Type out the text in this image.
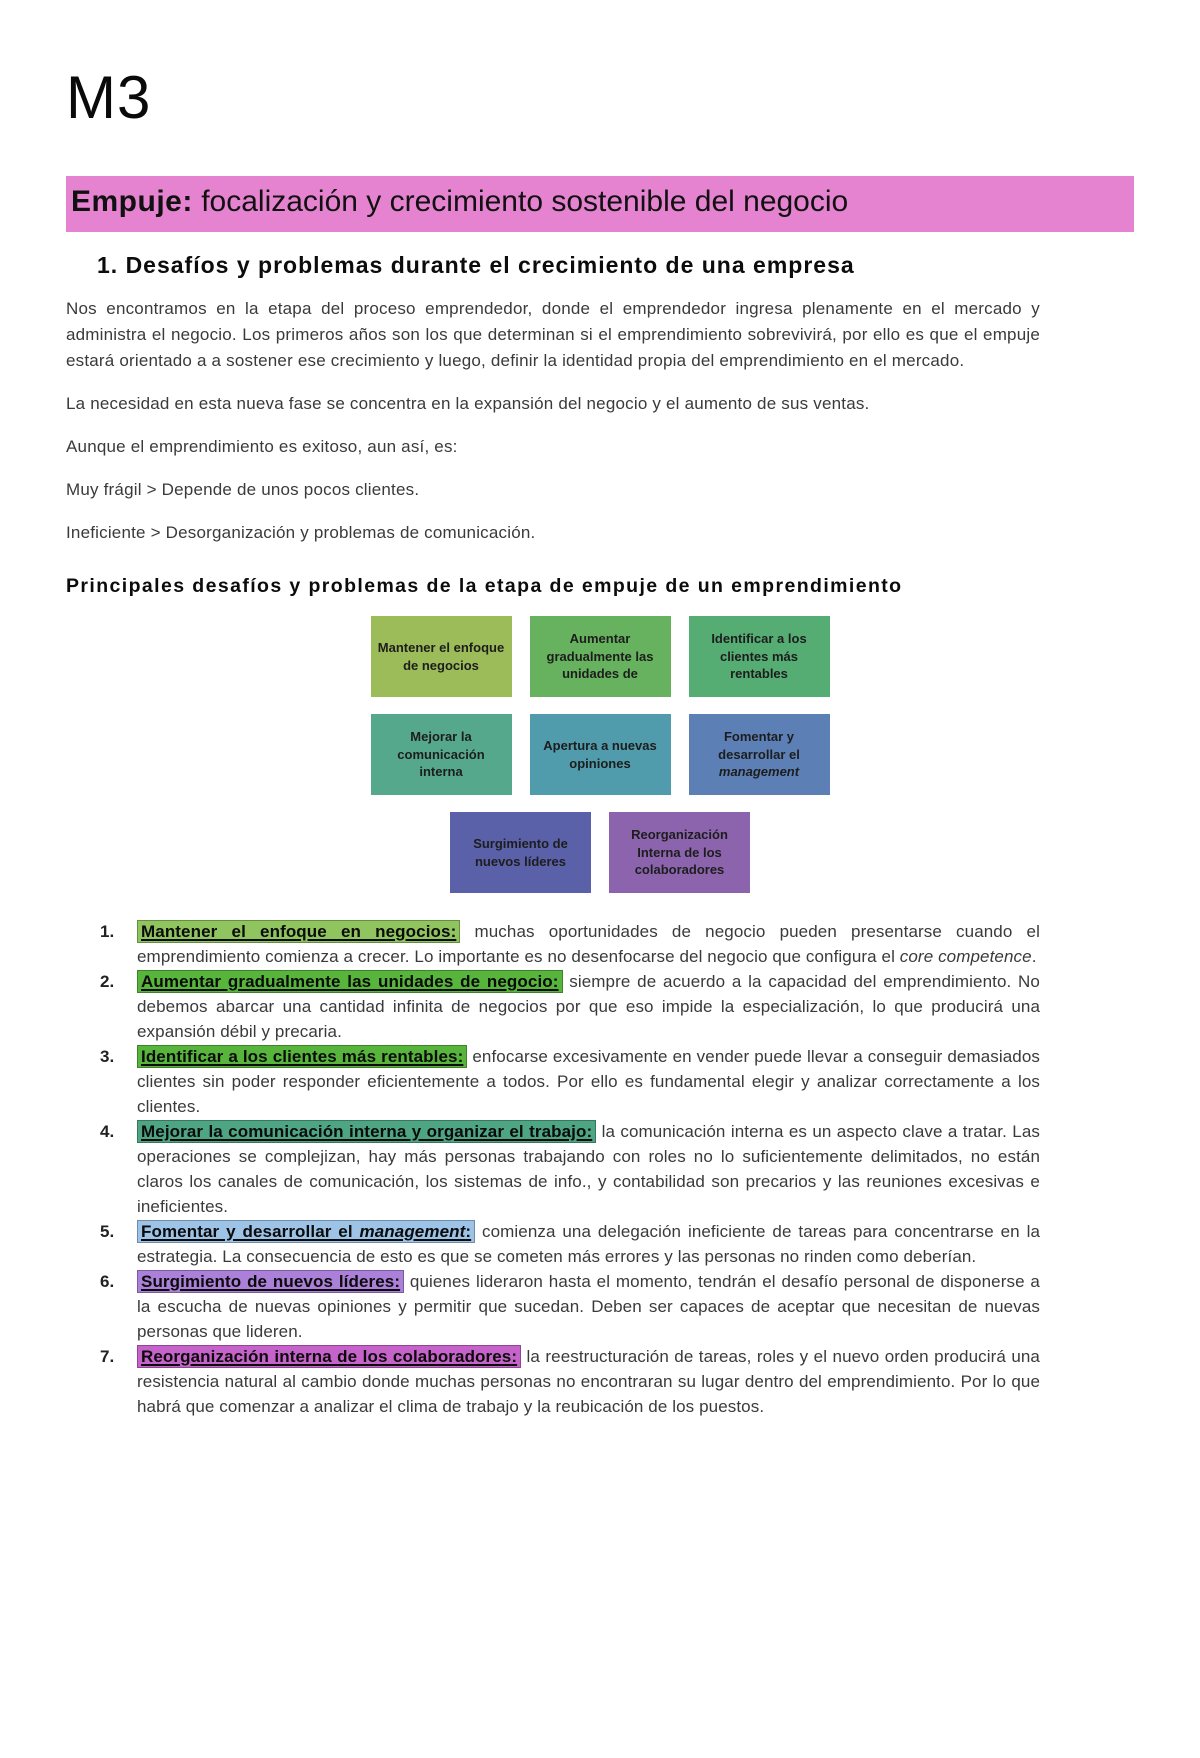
M3
Empuje: focalización y crecimiento sostenible del negocio
1. Desafíos y problemas durante el crecimiento de una empresa

Nos encontramos en la etapa del proceso emprendedor, donde el emprendedor ingresa plenamente en el mercado y administra el negocio. Los primeros años son los que determinan si el emprendimiento sobrevivirá, por ello es que el empuje estará orientado a a sostener ese crecimiento y luego, definir la identidad propia del emprendimiento en el mercado.

La necesidad en esta nueva fase se concentra en la expansión del negocio y el aumento de sus ventas.

Aunque el emprendimiento es exitoso, aun así, es:

Muy frágil > Depende de unos pocos clientes.

Ineficiente > Desorganización y problemas de comunicación.

Principales desafíos y problemas de la etapa de empuje de un emprendimiento
Mantener el enfoque de negocios
Aumentar gradualmente las unidades de
Identificar a los clientes más rentables
Mejorar la comunicación interna
Apertura a nuevas opiniones
Fomentar y desarrollar el management
Surgimiento de nuevos líderes
Reorganización Interna de los colaboradores
1.	Mantener el enfoque en negocios: muchas oportunidades de negocio pueden presentarse cuando el emprendimiento comienza a crecer. Lo importante es no desenfocarse del negocio que configura el core competence.
2.	Aumentar gradualmente las unidades de negocio: siempre de acuerdo a la capacidad del emprendimiento. No debemos abarcar una cantidad infinita de negocios por que eso impide la especialización, lo que producirá una expansión débil y precaria.
3.	Identificar a los clientes más rentables: enfocarse excesivamente en vender puede llevar a conseguir demasiados clientes sin poder responder eficientemente a todos. Por ello es fundamental elegir y analizar correctamente a los clientes.
4.	Mejorar la comunicación interna y organizar el trabajo: la comunicación interna es un aspecto clave a tratar. Las operaciones se complejizan, hay más personas trabajando con roles no lo suficientemente delimitados, no están claros los canales de comunicación, los sistemas de info., y contabilidad son precarios y las reuniones excesivas e ineficientes.
5.	Fomentar y desarrollar el management: comienza una delegación ineficiente de tareas para concentrarse en la estrategia. La consecuencia de esto es que se cometen más errores y las personas no rinden como deberían.
6.	Surgimiento de nuevos líderes: quienes lideraron hasta el momento, tendrán el desafío personal de disponerse a la escucha de nuevas opiniones y permitir que sucedan. Deben ser capaces de aceptar que necesitan de nuevas personas que lideren.
7.	Reorganización interna de los colaboradores: la reestructuración de tareas, roles y el nuevo orden producirá una resistencia natural al cambio donde muchas personas no encontraran su lugar dentro del emprendimiento. Por lo que habrá que comenzar a analizar el clima de trabajo y la reubicación de los puestos.
